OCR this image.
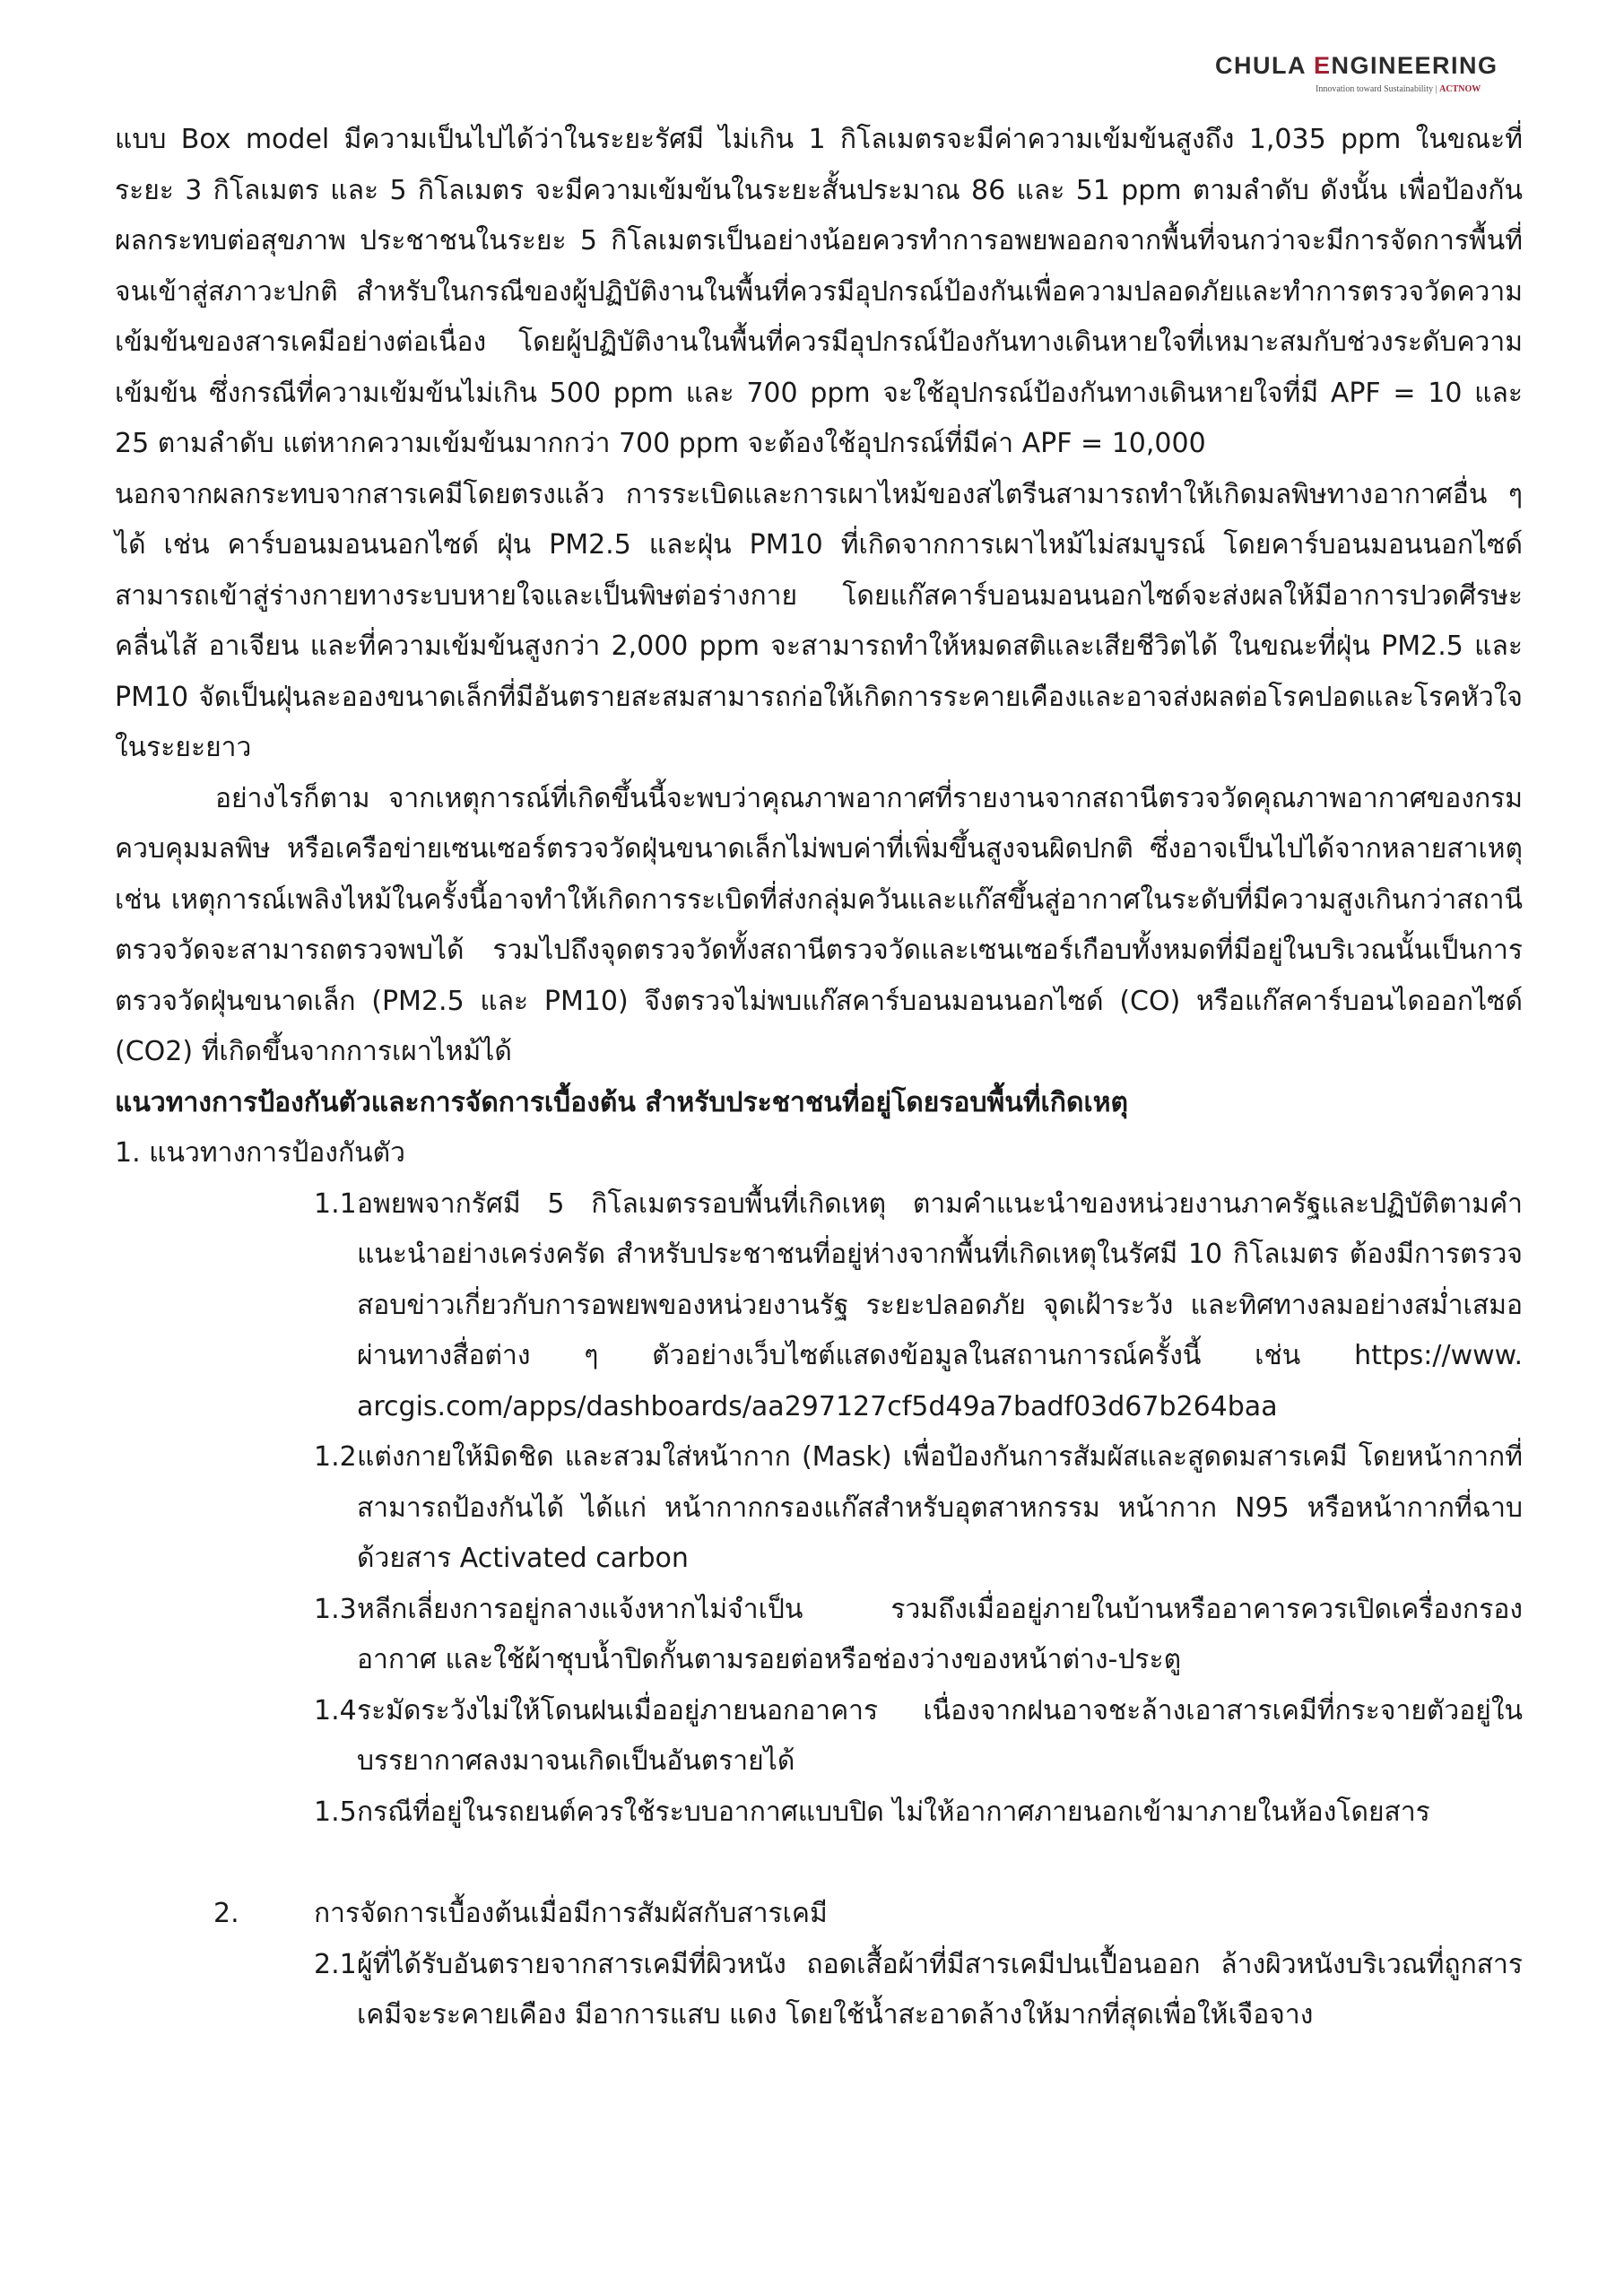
CHULA ENGINEERING
Innovation toward Sustainability | ACTNOW

แบบ Box model มีความเป็นไปได้ว่าในระยะรัศมี ไม่เกิน 1 กิโลเมตรจะมีค่าความเข้มข้นสูงถึง 1,035 ppm ในขณะที่ระยะ 3 กิโลเมตร และ 5 กิโลเมตร จะมีความเข้มข้นในระยะสั้นประมาณ 86 และ 51 ppm ตามลำดับ ดังนั้น เพื่อป้องกันผลกระทบต่อสุขภาพ ประชาชนในระยะ 5 กิโลเมตรเป็นอย่างน้อยควรทำการอพยพออกจากพื้นที่จนกว่าจะมีการจัดการพื้นที่จนเข้าสู่สภาวะปกติ สำหรับในกรณีของผู้ปฏิบัติงานในพื้นที่ควรมีอุปกรณ์ป้องกันเพื่อความปลอดภัยและทำการตรวจวัดความเข้มข้นของสารเคมีอย่างต่อเนื่อง โดยผู้ปฏิบัติงานในพื้นที่ควรมีอุปกรณ์ป้องกันทางเดินหายใจที่เหมาะสมกับช่วงระดับความเข้มข้น ซึ่งกรณีที่ความเข้มข้นไม่เกิน 500 ppm และ 700 ppm จะใช้อุปกรณ์ป้องกันทางเดินหายใจที่มี APF = 10 และ 25 ตามลำดับ แต่หากความเข้มข้นมากกว่า 700 ppm จะต้องใช้อุปกรณ์ที่มีค่า APF = 10,000

นอกจากผลกระทบจากสารเคมีโดยตรงแล้ว การระเบิดและการเผาไหม้ของสไตรีนสามารถทำให้เกิดมลพิษทางอากาศอื่น ๆ ได้ เช่น คาร์บอนมอนนอกไซด์ ฝุ่น PM2.5 และฝุ่น PM10 ที่เกิดจากการเผาไหม้ไม่สมบูรณ์ โดยคาร์บอนมอนนอกไซด์สามารถเข้าสู่ร่างกายทางระบบหายใจและเป็นพิษต่อร่างกาย โดยแก๊สคาร์บอนมอนนอกไซด์จะส่งผลให้มีอาการปวดศีรษะ คลื่นไส้ อาเจียน และที่ความเข้มข้นสูงกว่า 2,000 ppm จะสามารถทำให้หมดสติและเสียชีวิตได้ ในขณะที่ฝุ่น PM2.5 และ PM10 จัดเป็นฝุ่นละอองขนาดเล็กที่มีอันตรายสะสมสามารถก่อให้เกิดการระคายเคืองและอาจส่งผลต่อโรคปอดและโรคหัวใจในระยะยาว

อย่างไรก็ตาม จากเหตุการณ์ที่เกิดขึ้นนี้จะพบว่าคุณภาพอากาศที่รายงานจากสถานีตรวจวัดคุณภาพอากาศของกรมควบคุมมลพิษ หรือเครือข่ายเซนเซอร์ตรวจวัดฝุ่นขนาดเล็กไม่พบค่าที่เพิ่มขึ้นสูงจนผิดปกติ ซึ่งอาจเป็นไปได้จากหลายสาเหตุ เช่น เหตุการณ์เพลิงไหม้ในครั้งนี้อาจทำให้เกิดการระเบิดที่ส่งกลุ่มควันและแก๊สขึ้นสู่อากาศในระดับที่มีความสูงเกินกว่าสถานีตรวจวัดจะสามารถตรวจพบได้ รวมไปถึงจุดตรวจวัดทั้งสถานีตรวจวัดและเซนเซอร์เกือบทั้งหมดที่มีอยู่ในบริเวณนั้นเป็นการตรวจวัดฝุ่นขนาดเล็ก (PM2.5 และ PM10) จึงตรวจไม่พบแก๊สคาร์บอนมอนนอกไซด์ (CO) หรือแก๊สคาร์บอนไดออกไซด์ (CO2) ที่เกิดขึ้นจากการเผาไหม้ได้

แนวทางการป้องกันตัวและการจัดการเบื้องต้น สำหรับประชาชนที่อยู่โดยรอบพื้นที่เกิดเหตุ

1. แนวทางการป้องกันตัว

1.1 อพยพจากรัศมี 5 กิโลเมตรรอบพื้นที่เกิดเหตุ ตามคำแนะนำของหน่วยงานภาครัฐและปฏิบัติตามคำแนะนำอย่างเคร่งครัด สำหรับประชาชนที่อยู่ห่างจากพื้นที่เกิดเหตุในรัศมี 10 กิโลเมตร ต้องมีการตรวจสอบข่าวเกี่ยวกับการอพยพของหน่วยงานรัฐ ระยะปลอดภัย จุดเฝ้าระวัง และทิศทางลมอย่างสม่ำเสมอผ่านทางสื่อต่าง ๆ ตัวอย่างเว็บไซต์แสดงข้อมูลในสถานการณ์ครั้งนี้ เช่น https://www. arcgis.com/apps/dashboards/aa297127cf5d49a7badf03d67b264baa
1.2 แต่งกายให้มิดชิด และสวมใส่หน้ากาก (Mask) เพื่อป้องกันการสัมผัสและสูดดมสารเคมี โดยหน้ากากที่สามารถป้องกันได้ ได้แก่ หน้ากากกรองแก๊สสำหรับอุตสาหกรรม หน้ากาก N95 หรือหน้ากากที่ฉาบด้วยสาร Activated carbon
1.3 หลีกเลี่ยงการอยู่กลางแจ้งหากไม่จำเป็น รวมถึงเมื่ออยู่ภายในบ้านหรืออาคารควรเปิดเครื่องกรองอากาศ และใช้ผ้าชุบน้ำปิดกั้นตามรอยต่อหรือช่องว่างของหน้าต่าง-ประตู
1.4 ระมัดระวังไม่ให้โดนฝนเมื่ออยู่ภายนอกอาคาร เนื่องจากฝนอาจชะล้างเอาสารเคมีที่กระจายตัวอยู่ในบรรยากาศลงมาจนเกิดเป็นอันตรายได้
1.5 กรณีที่อยู่ในรถยนต์ควรใช้ระบบอากาศแบบปิด ไม่ให้อากาศภายนอกเข้ามาภายในห้องโดยสาร
2.	การจัดการเบื้องต้นเมื่อมีการสัมผัสกับสารเคมี
2.1 ผู้ที่ได้รับอันตรายจากสารเคมีที่ผิวหนัง ถอดเสื้อผ้าที่มีสารเคมีปนเปื้อนออก ล้างผิวหนังบริเวณที่ถูกสารเคมีจะระคายเคือง มีอาการแสบ แดง โดยใช้น้ำสะอาดล้างให้มากที่สุดเพื่อให้เจือจาง
